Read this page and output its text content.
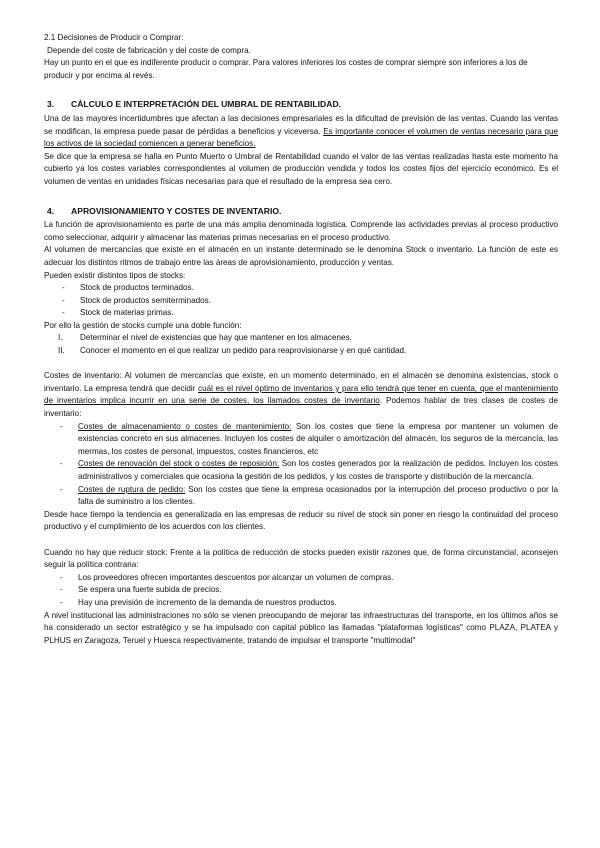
2.1 Decisiones de Producir o Comprar:

Depende del coste de fabricación y del coste de compra.

Hay un punto en el que es indiferente producir o comprar. Para valores inferiores los costes de comprar siempre son inferiores a los de producir y por encima al revés.

3.	CÁLCULO E INTERPRETACIÓN DEL UMBRAL DE RENTABILIDAD.

Una de las mayores incertidumbres que afectan a las decisiones empresariales es la dificultad de previsión de las ventas. Cuando las ventas se modifican, la empresa puede pasar de pérdidas a beneficios y viceversa. Es importante conocer el volumen de ventas necesario para que los activos de la sociedad comiencen a generar beneficios.

Se dice que la empresa se halla en Punto Muerto o Umbral de Rentabilidad cuando el valor de las ventas realizadas hasta este momento ha cubierto ya los costes variables correspondientes al volumen de producción vendida y todos los costes fijos del ejercicio económico. Es el volumen de ventas en unidades físicas necesarias para que el resultado de la empresa sea cero.

4.	APROVISIONAMIENTO Y COSTES DE INVENTARIO.

La función de aprovisionamiento es parte de una más amplia denominada logística. Comprende las actividades previas al proceso productivo como seleccionar, adquirir y almacenar las materias primas necesarias en el proceso productivo.

Al volumen de mercancías que existe en el almacén en un instante determinado se le denomina Stock o inventario. La función de este es adecuar los distintos ritmos de trabajo entre las áreas de aprovisionamiento, producción y ventas.

Pueden existir distintos tipos de stocks:

-	Stock de productos terminados.
-	Stock de productos semiterminados.
-	Stock de materias primas.

Por ello la gestión de stocks cumple una doble función:

I.	Determinar el nivel de existencias que hay que mantener en los almacenes.
II.	Conocer el momento en el que realizar un pedido para reaprovisionarse y en qué cantidad.

Costes de inventario: Al volumen de mercancías que existe, en un momento determinado, en el almacén se denomina existencias, stock o inventario. La empresa tendrá que decidir cuál es el nivel óptimo de inventarios y para ello tendrá que tener en cuenta, que el mantenimiento de inventarios implica incurrir en una serie de costes, los llamados costes de inventario. Podemos hablar de tres clases de costes de inventario:

-	Costes de almacenamiento o costes de mantenimiento: Son los costes que tiene la empresa por mantener un volumen de existencias concreto en sus almacenes. Incluyen los costes de alquiler o amortización del almacén, los seguros de la mercancía, las mermas, los costes de personal, impuestos, costes financieros, etc
-	Costes de renovación del stock o costes de reposición: Son los costes generados por la realización de pedidos. Incluyen los costes administrativos y comerciales que ocasiona la gestión de los pedidos, y los costes de transporte y distribución de la mercancía.
-	Costes de ruptura de pedido: Son los costes que tiene la empresa ocasionados por la interrupción del proceso productivo o por la falta de suministro a los clientes.

Desde hace tiempo la tendencia es generalizada en las empresas de reducir su nivel de stock sin poner en riesgo la continuidad del proceso productivo y el cumplimiento de los acuerdos con los clientes.

Cuando no hay que reducir stock: Frente a la política de reducción de stocks pueden existir razones que, de forma circunstancial, aconsejen seguir la política contraria:

-	Los proveedores ofrecen importantes descuentos por alcanzar un volumen de compras.
-	Se espera una fuerte subida de precios.
-	Hay una previsión de incremento de la demanda de nuestros productos.

A nivel institucional las administraciones no sólo se vienen preocupando de mejorar las infraestructuras del transporte, en los últimos años se ha considerado un sector estratégico y se ha impulsado con capital público las llamadas "plataformas logísticas" como PLAZA, PLATEA y PLHUS en Zaragoza, Teruel y Huesca respectivamente, tratando de impulsar el transporte "multimodal"
